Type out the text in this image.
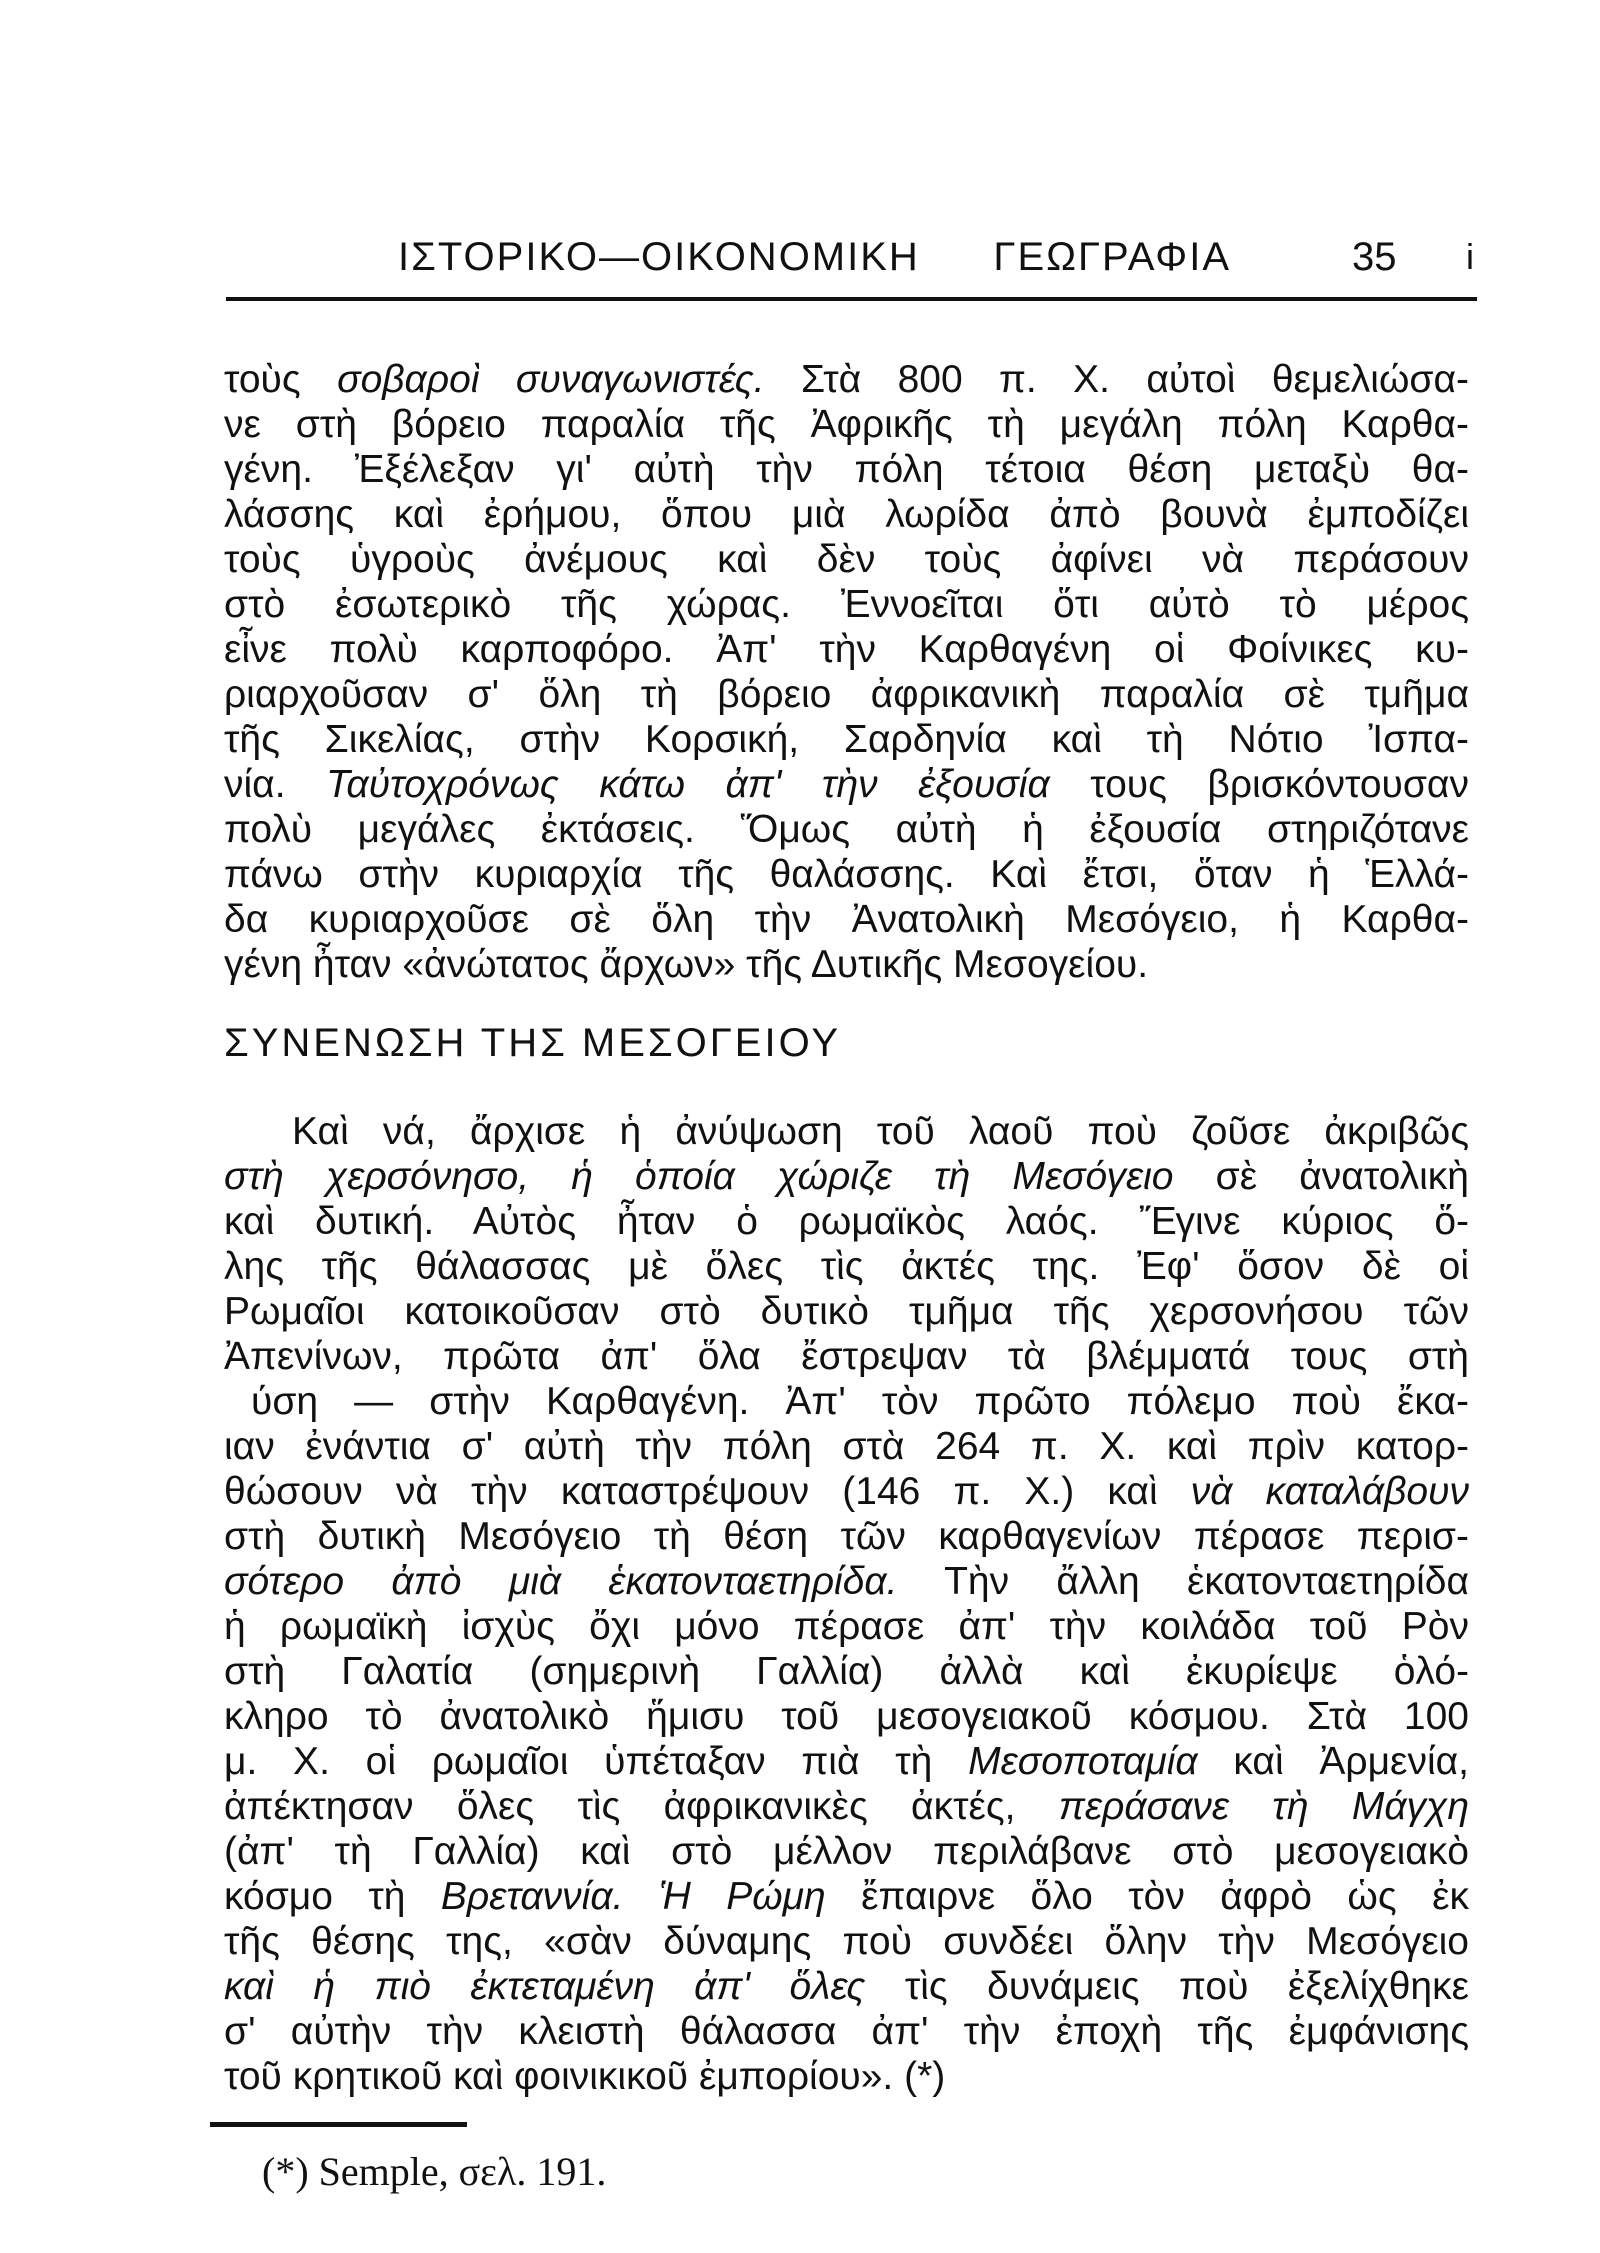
ΙΣΤΟΡΙΚΟ—ΟΙΚΟΝΟΜΙΚΗ ΓΕΩΓΡΑΦΙΑ	35 i
τοὺς σοβαροὶ συναγωνιστές. Στὰ 800 π. Χ. αὐτοὶ θεμελιώσα-
νε στὴ βόρειο παραλία τῆς Ἀφρικῆς τὴ μεγάλη πόλη Καρθα-
γένη. Ἐξέλεξαν γι' αὐτὴ τὴν πόλη τέτοια θέση μεταξὺ θα-
λάσσης καὶ ἐρήμου, ὅπου μιὰ λωρίδα ἀπὸ βουνὰ ἐμποδίζει
τοὺς ὑγροὺς ἀνέμους καὶ δὲν τοὺς ἀφίνει νὰ περάσουν
στὸ ἐσωτερικὸ τῆς χώρας. Ἐννοεῖται ὅτι αὐτὸ τὸ μέρος
εἶνε πολὺ καρποφόρο. Ἀπ' τὴν Καρθαγένη οἱ Φοίνικες κυ-
ριαρχοῦσαν σ' ὅλη τὴ βόρειο ἀφρικανικὴ παραλία σὲ τμῆμα
τῆς Σικελίας, στὴν Κορσική, Σαρδηνία καὶ τὴ Νότιο Ἰσπα-
νία. Ταὐτοχρόνως κάτω ἀπ' τὴν ἐξουσία τους βρισκόντουσαν
πολὺ μεγάλες ἐκτάσεις. Ὅμως αὐτὴ ἡ ἐξουσία στηριζότανε
πάνω στὴν κυριαρχία τῆς θαλάσσης. Καὶ ἔτσι, ὅταν ἡ Ἑλλά-
δα κυριαρχοῦσε σὲ ὅλη τὴν Ἀνατολικὴ Μεσόγειο, ἡ Καρθα-
γένη ἦταν «ἀνώτατος ἄρχων» τῆς Δυτικῆς Μεσογείου.
ΣΥΝΕΝΩΣΗ ΤΗΣ ΜΕΣΟΓΕΙΟΥ
Καὶ νά, ἄρχισε ἡ ἀνύψωση τοῦ λαοῦ ποὺ ζοῦσε ἀκριβῶς
στὴ χερσόνησο, ἡ ὁποία χώριζε τὴ Μεσόγειο σὲ ἀνατολικὴ
καὶ δυτική. Αὐτὸς ἦταν ὁ ρωμαϊκὸς λαός. Ἔγινε κύριος ὅ-
λης τῆς θάλασσας μὲ ὅλες τὶς ἀκτές της. Ἐφ' ὅσον δὲ οἱ
Ρωμαῖοι κατοικοῦσαν στὸ δυτικὸ τμῆμα τῆς χερσονήσου τῶν
Ἀπενίνων, πρῶτα ἀπ' ὅλα ἔστρεψαν τὰ βλέμματά τους στὴ
ύση — στὴν Καρθαγένη. Ἀπ' τὸν πρῶτο πόλεμο ποὺ ἔκα-
ιαν ἐνάντια σ' αὐτὴ τὴν πόλη στὰ 264 π. Χ. καὶ πρὶν κατορ-
θώσουν νὰ τὴν καταστρέψουν (146 π. Χ.) καὶ νὰ καταλάβουν
στὴ δυτικὴ Μεσόγειο τὴ θέση τῶν καρθαγενίων πέρασε περισ-
σότερο ἀπὸ μιὰ ἑκατονταετηρίδα. Τὴν ἄλλη ἑκατονταετηρίδα
ἡ ρωμαϊκὴ ἰσχὺς ὄχι μόνο πέρασε ἀπ' τὴν κοιλάδα τοῦ Ρὸν
στὴ Γαλατία (σημερινὴ Γαλλία) ἀλλὰ καὶ ἐκυρίεψε ὁλό-
κληρο τὸ ἀνατολικὸ ἥμισυ τοῦ μεσογειακοῦ κόσμου. Στὰ 100
μ. Χ. οἱ ρωμαῖοι ὑπέταξαν πιὰ τὴ Μεσοποταμία καὶ Ἀρμενία,
ἀπέκτησαν ὅλες τὶς ἀφρικανικὲς ἀκτές, περάσανε τὴ Μάγχη
(ἀπ' τὴ Γαλλία) καὶ στὸ μέλλον περιλάβανε στὸ μεσογειακὸ
κόσμο τὴ Βρεταννία. Ἡ Ρώμη ἔπαιρνε ὅλο τὸν ἀφρὸ ὡς ἐκ
τῆς θέσης της, «σὰν δύναμης ποὺ συνδέει ὅλην τὴν Μεσόγειο
καὶ ἡ πιὸ ἐκτεταμένη ἀπ' ὅλες τὶς δυνάμεις ποὺ ἐξελίχθηκε
σ' αὐτὴν τὴν κλειστὴ θάλασσα ἀπ' τὴν ἐποχὴ τῆς ἐμφάνισης
τοῦ κρητικοῦ καὶ φοινικικοῦ ἐμπορίου». (*)
(*) Semple, σελ. 191.
